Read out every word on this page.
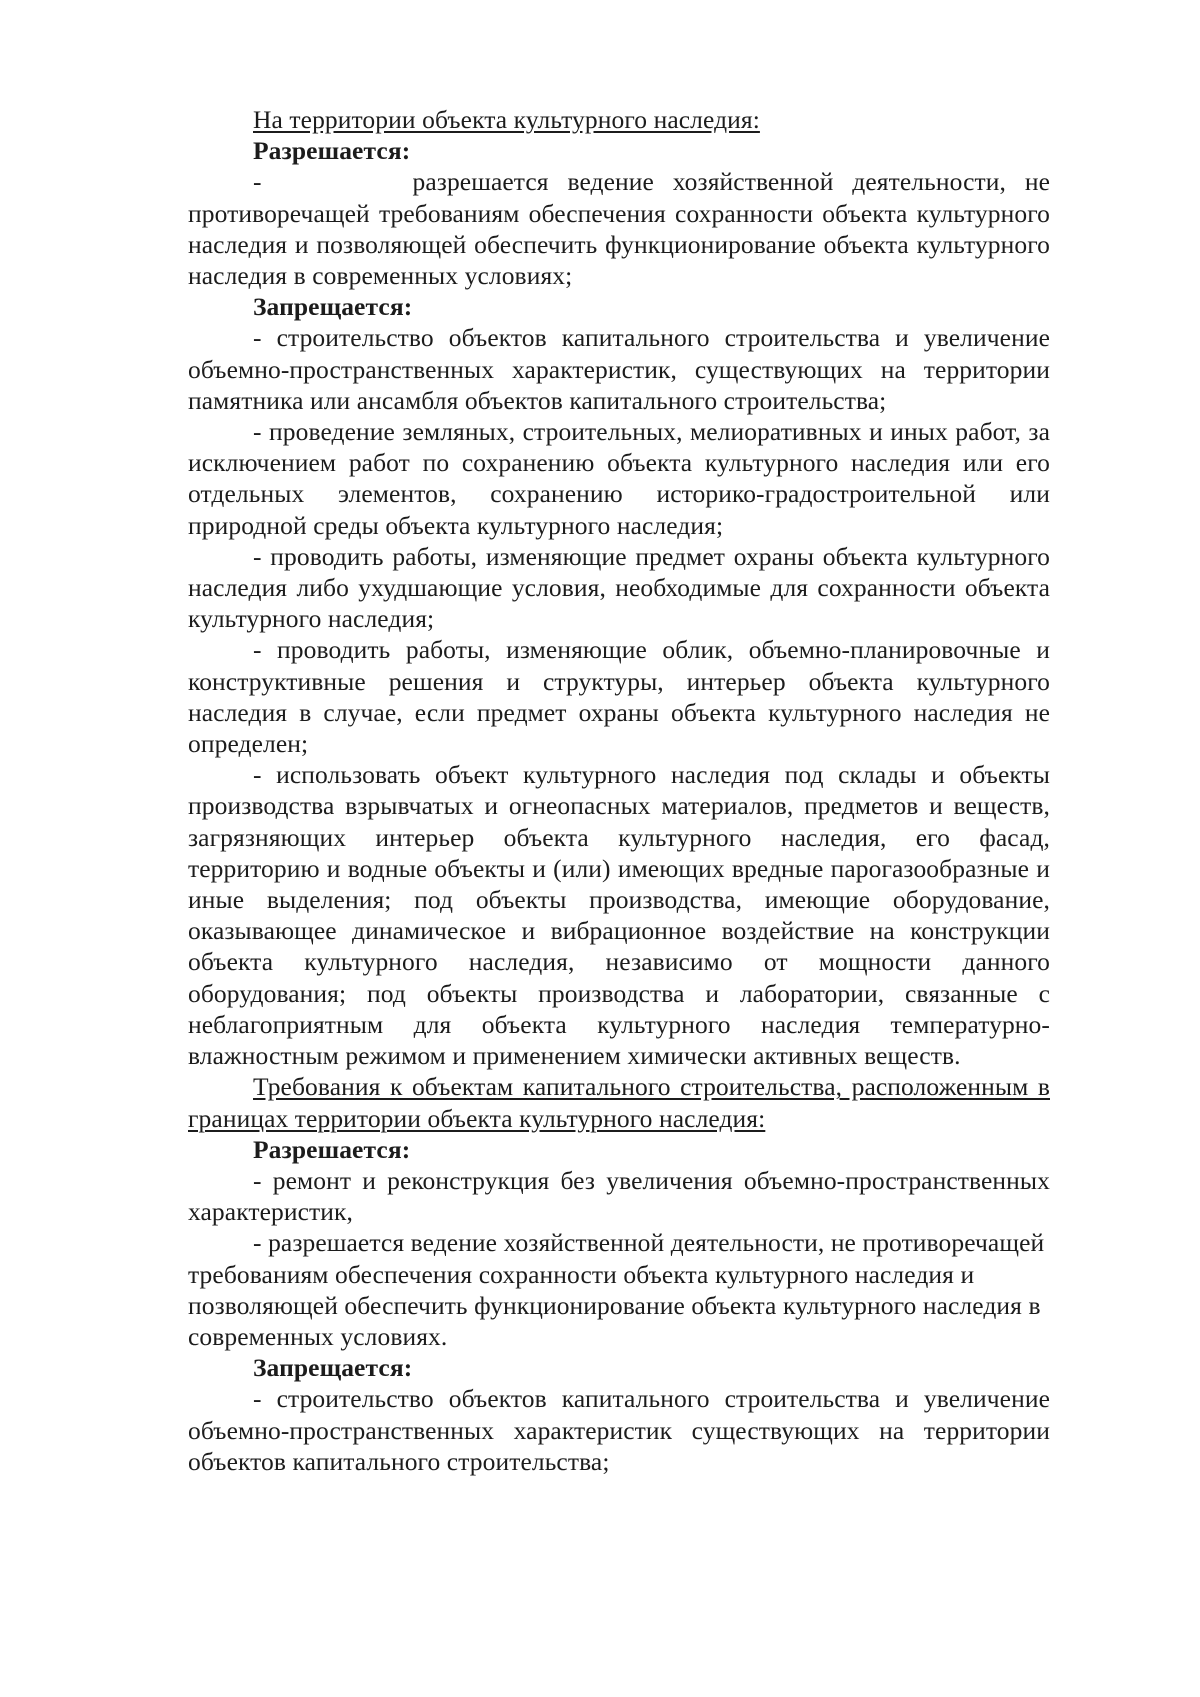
На территории объекта культурного наследия:

Разрешается:

-        разрешается ведение хозяйственной деятельности, не противоречащей требованиям обеспечения сохранности объекта культурного наследия и позволяющей обеспечить функционирование объекта культурного наследия в современных условиях;

Запрещается:

- строительство объектов капитального строительства и увеличение объемно-пространственных характеристик, существующих на территории памятника или ансамбля объектов капитального строительства;

- проведение земляных, строительных, мелиоративных и иных работ, за исключением работ по сохранению объекта культурного наследия или его отдельных элементов, сохранению историко-градостроительной или природной среды объекта культурного наследия;

- проводить работы, изменяющие предмет охраны объекта культурного наследия либо ухудшающие условия, необходимые для сохранности объекта культурного наследия;

- проводить работы, изменяющие облик, объемно-планировочные и конструктивные решения и структуры, интерьер объекта культурного наследия в случае, если предмет охраны объекта культурного наследия не определен;

- использовать объект культурного наследия под склады и объекты производства взрывчатых и огнеопасных материалов, предметов и веществ, загрязняющих интерьер объекта культурного наследия, его фасад, территорию и водные объекты и (или) имеющих вредные парогазообразные и иные выделения; под объекты производства, имеющие оборудование, оказывающее динамическое и вибрационное воздействие на конструкции объекта культурного наследия, независимо от мощности данного оборудования; под объекты производства и лаборатории, связанные с неблагоприятным для объекта культурного наследия температурно-влажностным режимом и применением химически активных веществ.

Требования к объектам капитального строительства, расположенным в границах территории объекта культурного наследия:

Разрешается:

- ремонт и реконструкция без увеличения объемно-пространственных характеристик,

- разрешается ведение хозяйственной деятельности, не противоречащей требованиям обеспечения сохранности объекта культурного наследия и позволяющей обеспечить функционирование объекта культурного наследия в современных условиях.

Запрещается:

- строительство объектов капитального строительства и увеличение объемно-пространственных характеристик существующих на территории объектов капитального строительства;
